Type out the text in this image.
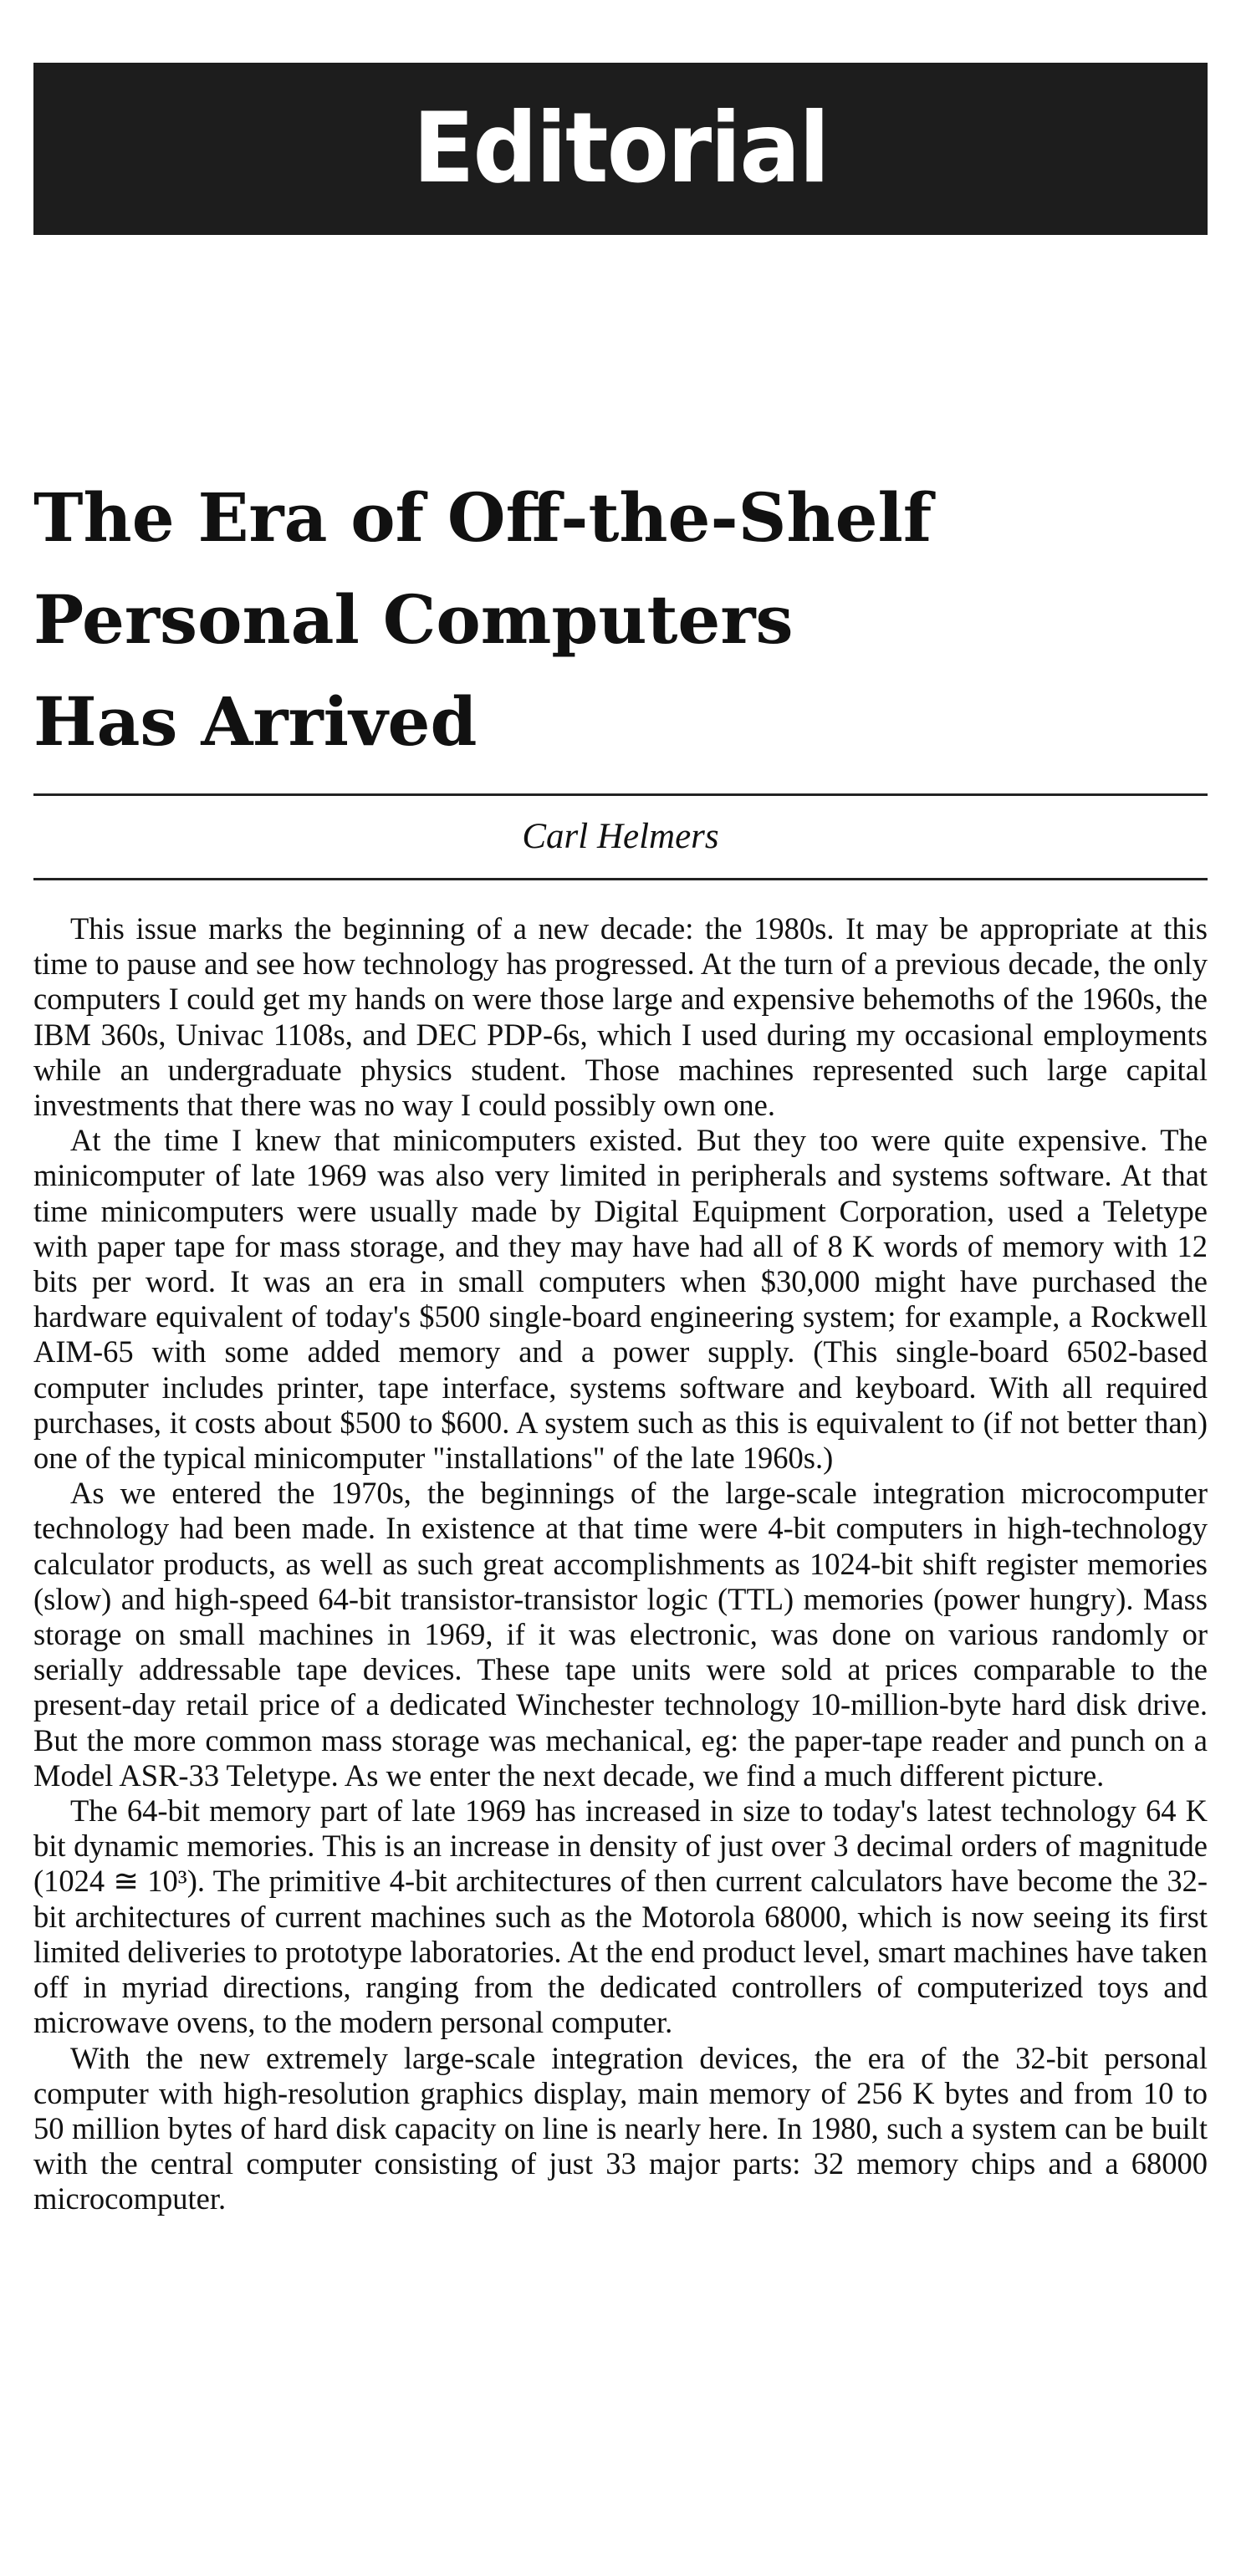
Editorial
The Era of Off-the-Shelf
Personal Computers
Has Arrived
Carl Helmers

This issue marks the beginning of a new decade: the 1980s. It may be appropriate at this time to pause and see how technology has progressed. At the turn of a previous decade, the only computers I could get my hands on were those large and expensive behemoths of the 1960s, the IBM 360s, Univac 1108s, and DEC PDP-6s, which I used during my occasional employments while an undergraduate physics student. Those machines represented such large capital investments that there was no way I could possibly own one.

At the time I knew that minicomputers existed. But they too were quite expensive. The minicomputer of late 1969 was also very limited in peripherals and systems software. At that time minicomputers were usually made by Digital Equipment Corporation, used a Teletype with paper tape for mass storage, and they may have had all of 8 K words of memory with 12 bits per word. It was an era in small computers when $30,000 might have purchased the hardware equivalent of today's $500 single-board engineering system; for example, a Rockwell AIM-65 with some added memory and a power supply. (This single-board 6502-based computer includes printer, tape interface, systems software and keyboard. With all required purchases, it costs about $500 to $600. A system such as this is equivalent to (if not better than) one of the typical minicomputer "installations" of the late 1960s.)

As we entered the 1970s, the beginnings of the large-scale integration microcomputer technology had been made. In existence at that time were 4-bit computers in high-technology calculator products, as well as such great accomplishments as 1024-bit shift register memories (slow) and high-speed 64-bit transistor-transistor logic (TTL) memories (power hungry). Mass storage on small machines in 1969, if it was electronic, was done on various randomly or serially addressable tape devices. These tape units were sold at prices comparable to the present-day retail price of a dedicated Winchester technology 10-million-byte hard disk drive. But the more common mass storage was mechanical, eg: the paper-tape reader and punch on a Model ASR-33 Teletype. As we enter the next decade, we find a much different picture.

The 64-bit memory part of late 1969 has increased in size to today's latest technology 64 K bit dynamic memories. This is an increase in density of just over 3 decimal orders of magnitude (1024 ≅ 10³). The primitive 4-bit architectures of then current calculators have become the 32-bit architectures of current machines such as the Motorola 68000, which is now seeing its first limited deliveries to prototype laboratories. At the end product level, smart machines have taken off in myriad directions, ranging from the dedicated controllers of computerized toys and microwave ovens, to the modern personal computer.

With the new extremely large-scale integration devices, the era of the 32-bit personal computer with high-resolution graphics display, main memory of 256 K bytes and from 10 to 50 million bytes of hard disk capacity on line is nearly here. In 1980, such a system can be built with the central computer consisting of just 33 major parts: 32 memory chips and a 68000 microcomputer.
